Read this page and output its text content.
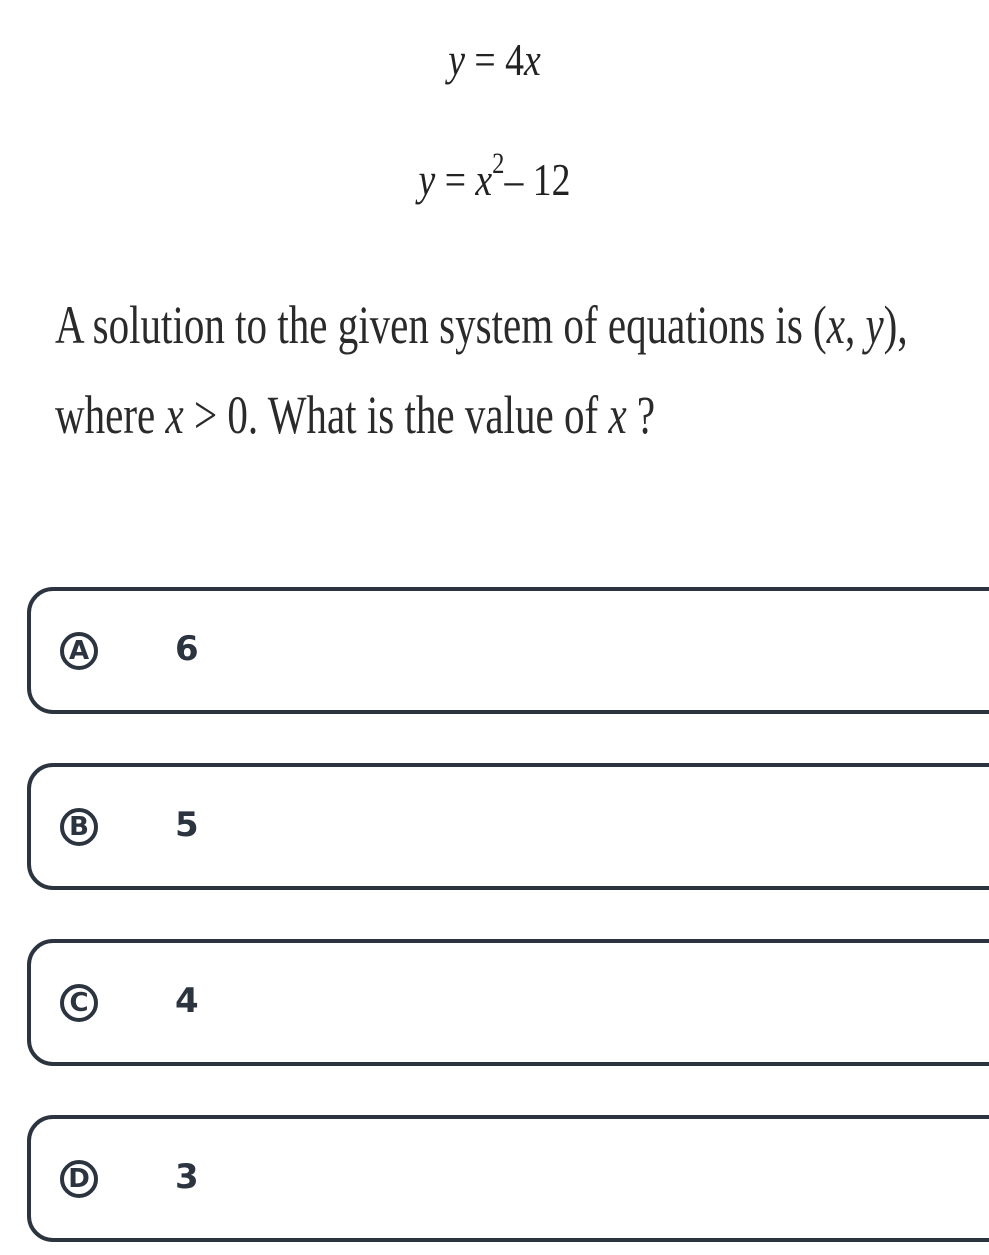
y = 4x
$y = x^2-$ 12
A solution to the given system of equations is (x, y),
where x > 0. What is the value of x ?
A	6
B	5
C	4
D	3
